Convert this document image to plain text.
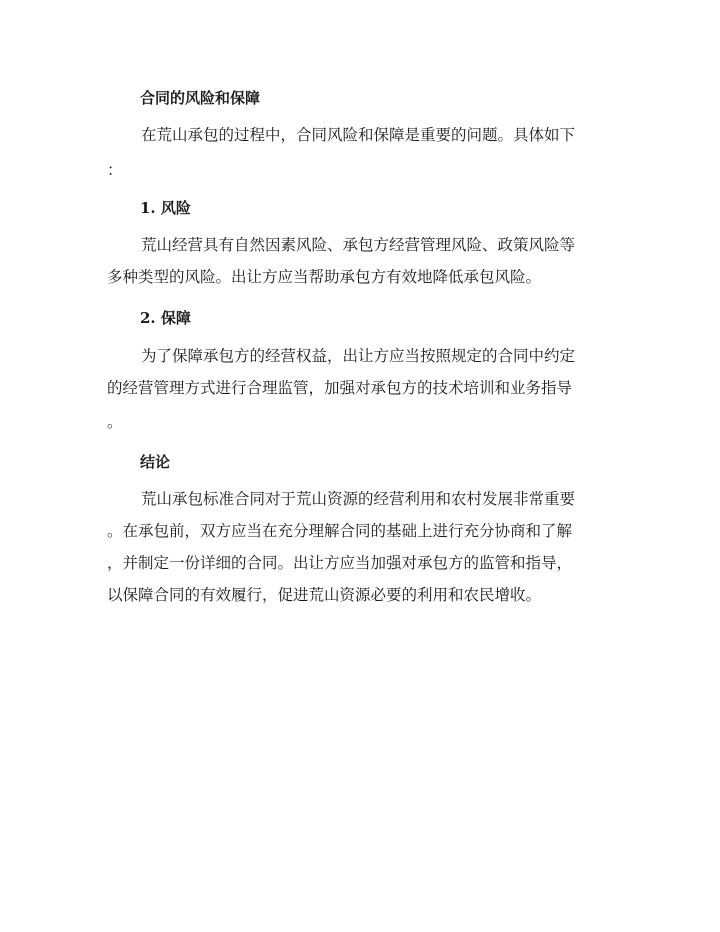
合同的风险和保障
在荒山承包的过程中，合同风险和保障是重要的问题。具体如下
：
1. 风险
荒山经营具有自然因素风险、承包方经营管理风险、政策风险等
多种类型的风险。出让方应当帮助承包方有效地降低承包风险。
2. 保障
为了保障承包方的经营权益，出让方应当按照规定的合同中约定
的经营管理方式进行合理监管，加强对承包方的技术培训和业务指导
。
结论
荒山承包标准合同对于荒山资源的经营利用和农村发展非常重要
。在承包前，双方应当在充分理解合同的基础上进行充分协商和了解
，并制定一份详细的合同。出让方应当加强对承包方的监管和指导，
以保障合同的有效履行，促进荒山资源必要的利用和农民增收。
